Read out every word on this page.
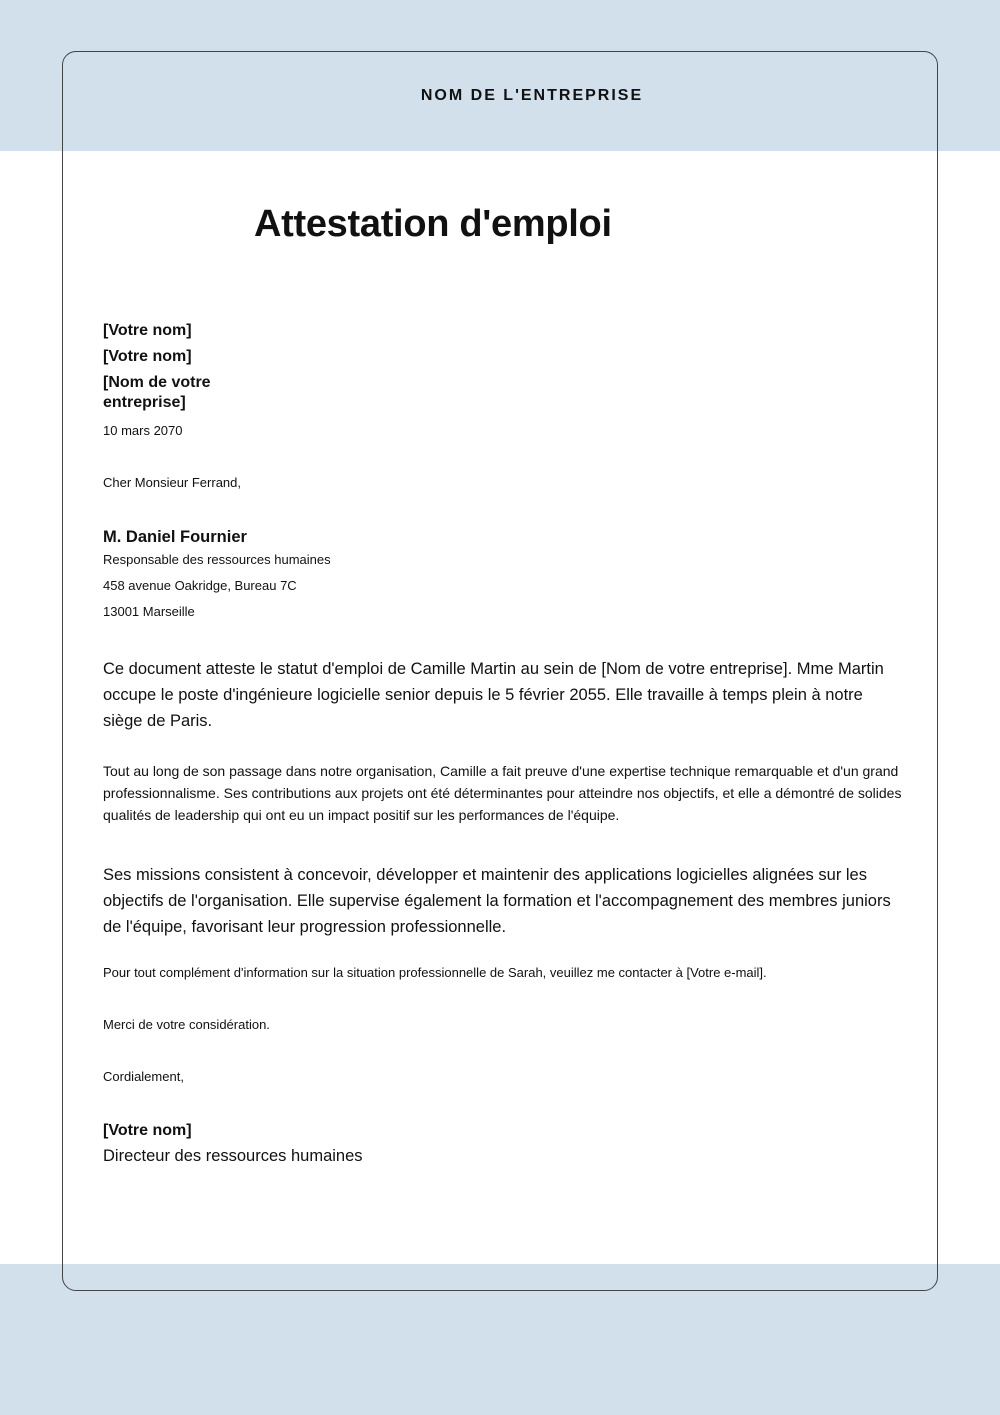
NOM DE L'ENTREPRISE
Attestation d'emploi
[Votre nom]
[Votre nom]
[Nom de votre
entreprise]
10 mars 2070
Cher Monsieur Ferrand,
M. Daniel Fournier
Responsable des ressources humaines
458 avenue Oakridge, Bureau 7C
13001 Marseille
Ce document atteste le statut d'emploi de Camille Martin au sein de [Nom de votre entreprise]. Mme Martin occupe le poste d'ingénieure logicielle senior depuis le 5 février 2055. Elle travaille à temps plein à notre siège de Paris.
Tout au long de son passage dans notre organisation, Camille a fait preuve d'une expertise technique remarquable et d'un grand professionnalisme. Ses contributions aux projets ont été déterminantes pour atteindre nos objectifs, et elle a démontré de solides qualités de leadership qui ont eu un impact positif sur les performances de l'équipe.
Ses missions consistent à concevoir, développer et maintenir des applications logicielles alignées sur les objectifs de l'organisation. Elle supervise également la formation et l'accompagnement des membres juniors de l'équipe, favorisant leur progression professionnelle.
Pour tout complément d'information sur la situation professionnelle de Sarah, veuillez me contacter à [Votre e-mail].
Merci de votre considération.
Cordialement,
[Votre nom]
Directeur des ressources humaines
